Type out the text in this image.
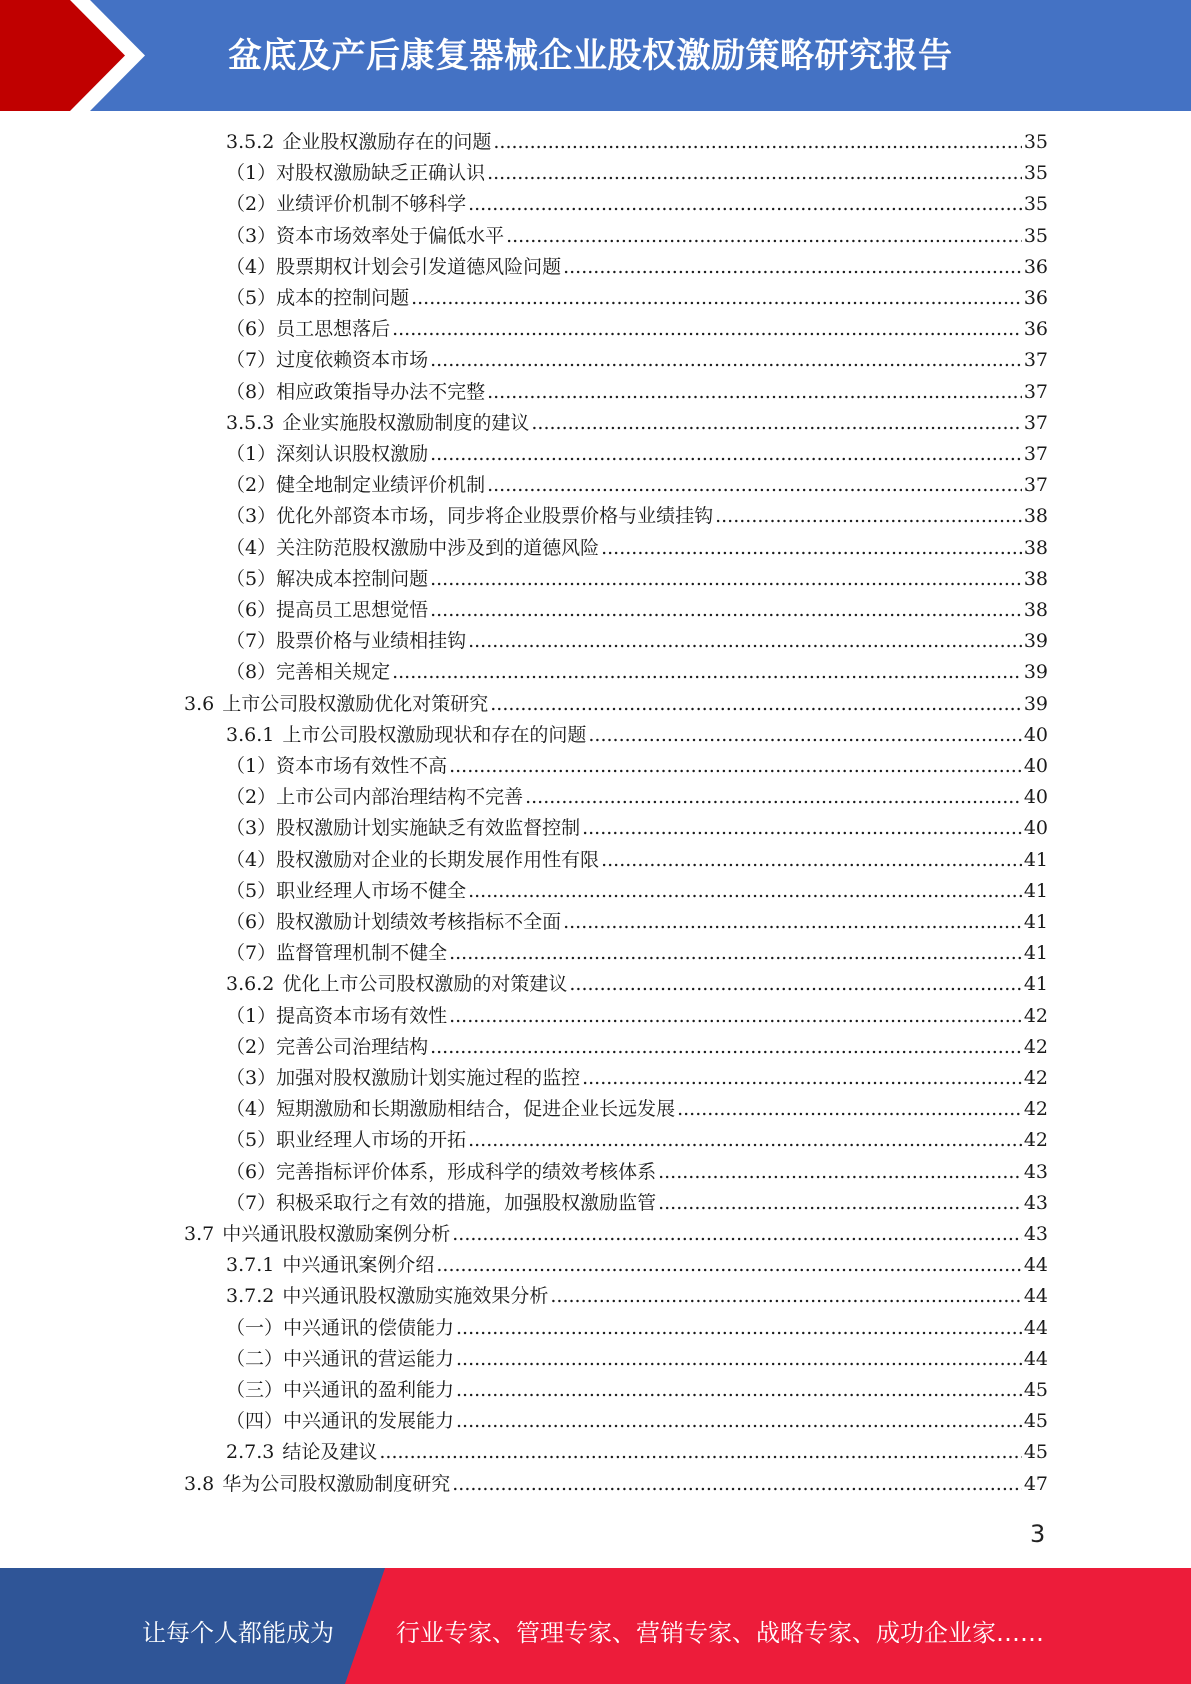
盆底及产后康复器械企业股权激励策略研究报告
3.5.2 企业股权激励存在的问题 .....	35
（1）对股权激励缺乏正确认识 .....	35
（2）业绩评价机制不够科学 .....	35
（3）资本市场效率处于偏低水平 .....	35
（4）股票期权计划会引发道德风险问题 .....	36
（5）成本的控制问题 .....	36
（6）员工思想落后 .....	36
（7）过度依赖资本市场 .....	37
（8）相应政策指导办法不完整 .....	37
3.5.3 企业实施股权激励制度的建议 .....	37
（1）深刻认识股权激励 .....	37
（2）健全地制定业绩评价机制 .....	37
（3）优化外部资本市场，同步将企业股票价格与业绩挂钩 .....	38
（4）关注防范股权激励中涉及到的道德风险 .....	38
（5）解决成本控制问题 .....	38
（6）提高员工思想觉悟 .....	38
（7）股票价格与业绩相挂钩 .....	39
（8）完善相关规定 .....	39
3.6 上市公司股权激励优化对策研究 .....	39
3.6.1 上市公司股权激励现状和存在的问题 .....	40
（1）资本市场有效性不高 .....	40
（2）上市公司内部治理结构不完善 .....	40
（3）股权激励计划实施缺乏有效监督控制 .....	40
（4）股权激励对企业的长期发展作用性有限 .....	41
（5）职业经理人市场不健全 .....	41
（6）股权激励计划绩效考核指标不全面 .....	41
（7）监督管理机制不健全 .....	41
3.6.2 优化上市公司股权激励的对策建议 .....	41
（1）提高资本市场有效性 .....	42
（2）完善公司治理结构 .....	42
（3）加强对股权激励计划实施过程的监控 .....	42
（4）短期激励和长期激励相结合，促进企业长远发展 .....	42
（5）职业经理人市场的开拓 .....	42
（6）完善指标评价体系，形成科学的绩效考核体系 .....	43
（7）积极采取行之有效的措施，加强股权激励监管 .....	43
3.7 中兴通讯股权激励案例分析 .....	43
3.7.1 中兴通讯案例介绍 .....	44
3.7.2 中兴通讯股权激励实施效果分析 .....	44
（一）中兴通讯的偿债能力 .....	44
（二）中兴通讯的营运能力 .....	44
（三）中兴通讯的盈利能力 .....	45
（四）中兴通讯的发展能力 .....	45
2.7.3 结论及建议 .....	45
3.8 华为公司股权激励制度研究 .....	47
3
让每个人都能成为	行业专家、管理专家、营销专家、战略专家、成功企业家……
